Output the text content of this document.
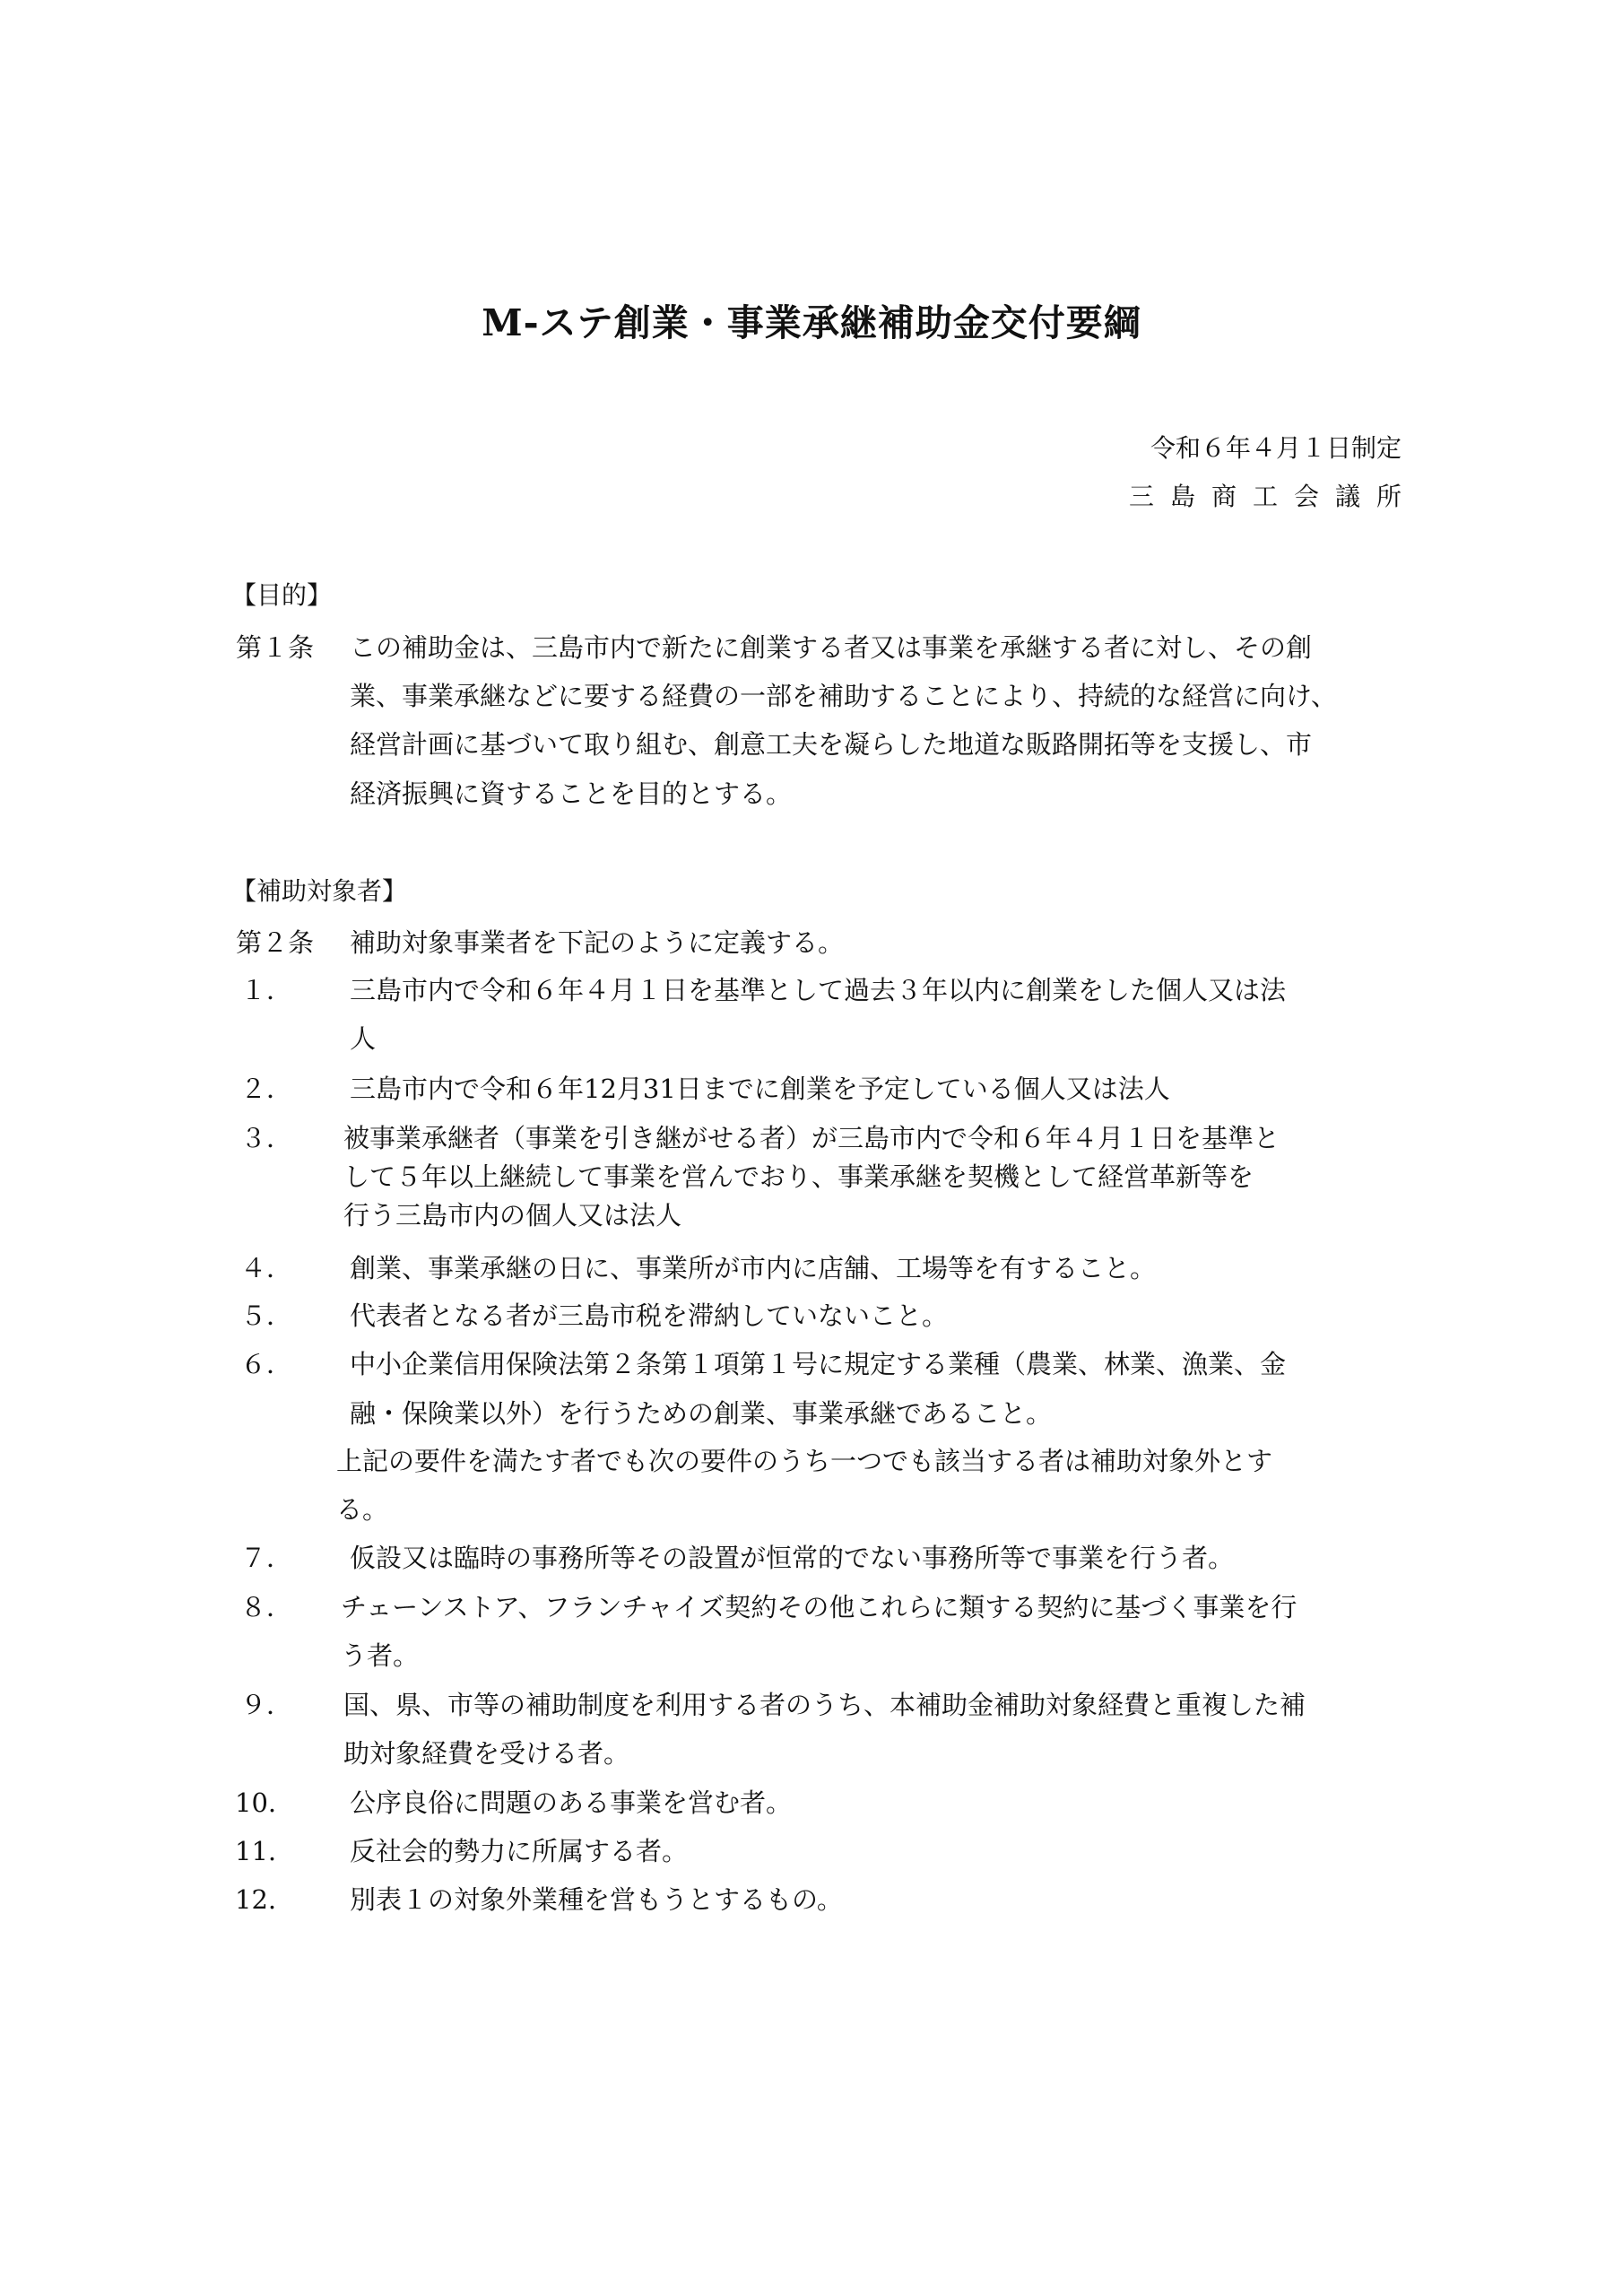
M-ステ創業・事業承継補助金交付要綱
令和６年４月１日制定
三島商工会議所
【目的】
第１条 この補助金は、三島市内で新たに創業する者又は事業を承継する者に対し、その創
業、事業承継などに要する経費の一部を補助することにより、持続的な経営に向け、
経営計画に基づいて取り組む、創意工夫を凝らした地道な販路開拓等を支援し、市
経済振興に資することを目的とする。
【補助対象者】
第２条 補助対象事業者を下記のように定義する。
１． 三島市内で令和６年４月１日を基準として過去３年以内に創業をした個人又は法
人
２． 三島市内で令和６年12月31日までに創業を予定している個人又は法人
３． 被事業承継者（事業を引き継がせる者）が三島市内で令和６年４月１日を基準と
して５年以上継続して事業を営んでおり、事業承継を契機として経営革新等を
行う三島市内の個人又は法人
４． 創業、事業承継の日に、事業所が市内に店舗、工場等を有すること。
５． 代表者となる者が三島市税を滞納していないこと。
６． 中小企業信用保険法第２条第１項第１号に規定する業種（農業、林業、漁業、金
融・保険業以外）を行うための創業、事業承継であること。
上記の要件を満たす者でも次の要件のうち一つでも該当する者は補助対象外とす
る。
７． 仮設又は臨時の事務所等その設置が恒常的でない事務所等で事業を行う者。
８． チェーンストア、フランチャイズ契約その他これらに類する契約に基づく事業を行
う者。
９． 国、県、市等の補助制度を利用する者のうち、本補助金補助対象経費と重複した補
助対象経費を受ける者。
10.	公序良俗に問題のある事業を営む者。
11.	反社会的勢力に所属する者。
12.	別表１の対象外業種を営もうとするもの。
